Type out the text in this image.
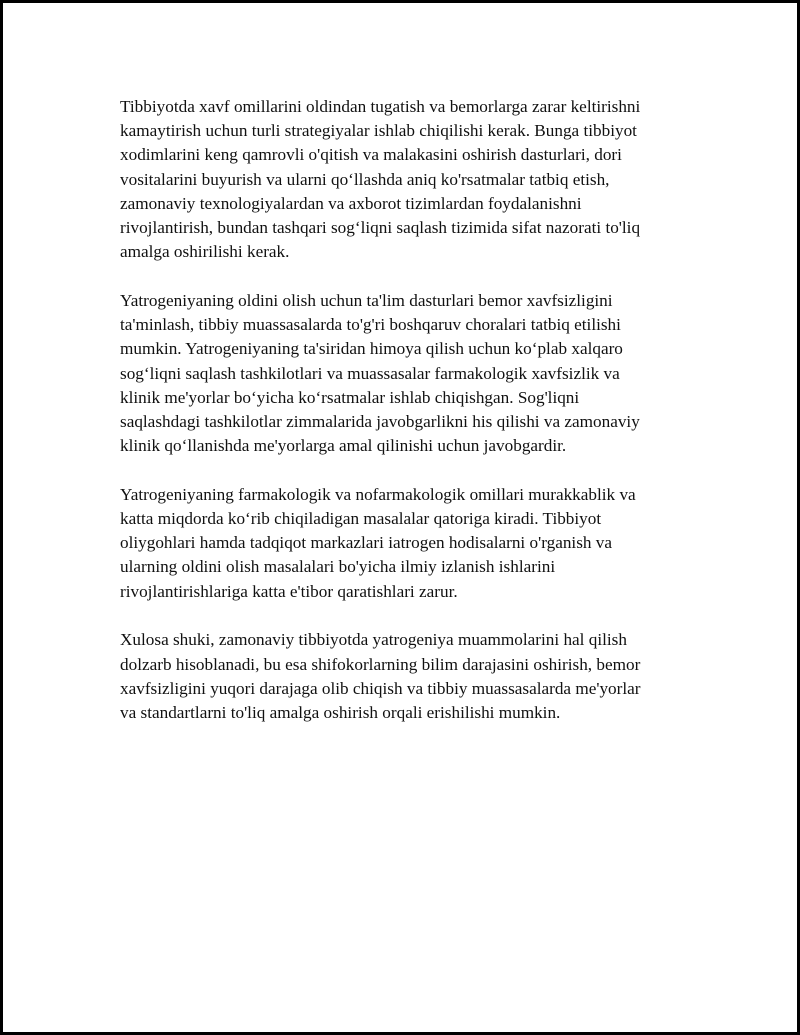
Tibbiyotda xavf omillarini oldindan tugatish va bemorlarga zarar keltirishni
kamaytirish uchun turli strategiyalar ishlab chiqilishi kerak. Bunga tibbiyot
xodimlarini keng qamrovli o'qitish va malakasini oshirish dasturlari, dori
vositalarini buyurish va ularni qo‘llashda aniq ko'rsatmalar tatbiq etish,
zamonaviy texnologiyalardan va axborot tizimlardan foydalanishni
rivojlantirish, bundan tashqari sog‘liqni saqlash tizimida sifat nazorati to'liq
amalga oshirilishi kerak.

Yatrogeniyaning oldini olish uchun ta'lim dasturlari bemor xavfsizligini
ta'minlash, tibbiy muassasalarda to'g'ri boshqaruv choralari tatbiq etilishi
mumkin. Yatrogeniyaning ta'siridan himoya qilish uchun ko‘plab xalqaro
sog‘liqni saqlash tashkilotlari va muassasalar farmakologik xavfsizlik va
klinik me'yorlar bo‘yicha ko‘rsatmalar ishlab chiqishgan. Sog'liqni
saqlashdagi tashkilotlar zimmalarida javobgarlikni his qilishi va zamonaviy
klinik qo‘llanishda me'yorlarga amal qilinishi uchun javobgardir.

Yatrogeniyaning farmakologik va nofarmakologik omillari murakkablik va
katta miqdorda ko‘rib chiqiladigan masalalar qatoriga kiradi. Tibbiyot
oliygohlari hamda tadqiqot markazlari iatrogen hodisalarni o'rganish va
ularning oldini olish masalalari bo'yicha ilmiy izlanish ishlarini
rivojlantirishlariga katta e'tibor qaratishlari zarur.

Xulosa shuki, zamonaviy tibbiyotda yatrogeniya muammolarini hal qilish
dolzarb hisoblanadi, bu esa shifokorlarning bilim darajasini oshirish, bemor
xavfsizligini yuqori darajaga olib chiqish va tibbiy muassasalarda me'yorlar
va standartlarni to'liq amalga oshirish orqali erishilishi mumkin.
